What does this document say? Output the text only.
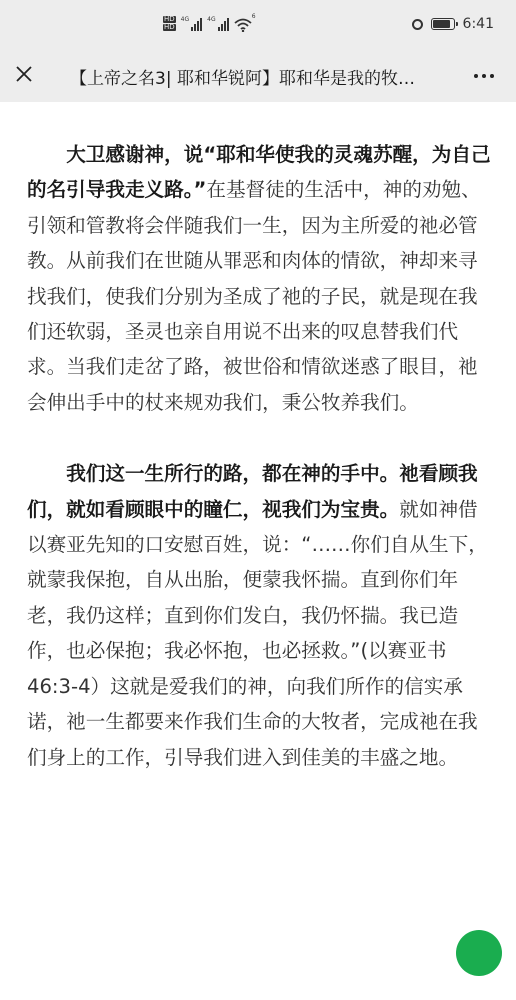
HD
HD
4G	4G	6	6:41
【上帝之名3| 耶和华锐阿】耶和华是我的牧…

大卫感谢神，说“耶和华使我的灵魂苏醒，为自己的名引导我走义路。”在基督徒的生活中，神的劝勉、引领和管教将会伴随我们一生，因为主所爱的祂必管教。从前我们在世随从罪恶和肉体的情欲，神却来寻找我们，使我们分别为圣成了祂的子民，就是现在我们还软弱，圣灵也亲自用说不出来的叹息替我们代求。当我们走岔了路，被世俗和情欲迷惑了眼目，祂会伸出手中的杖来规劝我们，秉公牧养我们。

我们这一生所行的路，都在神的手中。祂看顾我们，就如看顾眼中的瞳仁，视我们为宝贵。就如神借以赛亚先知的口安慰百姓，说：“……你们自从生下，就蒙我保抱，自从出胎，便蒙我怀揣。直到你们年老，我仍这样；直到你们发白，我仍怀揣。我已造作，也必保抱；我必怀抱，也必拯救。”(以赛亚书 46:3-4）这就是爱我们的神，向我们所作的信实承诺，祂一生都要来作我们生命的大牧者，完成祂在我们身上的工作，引导我们进入到佳美的丰盛之地。
